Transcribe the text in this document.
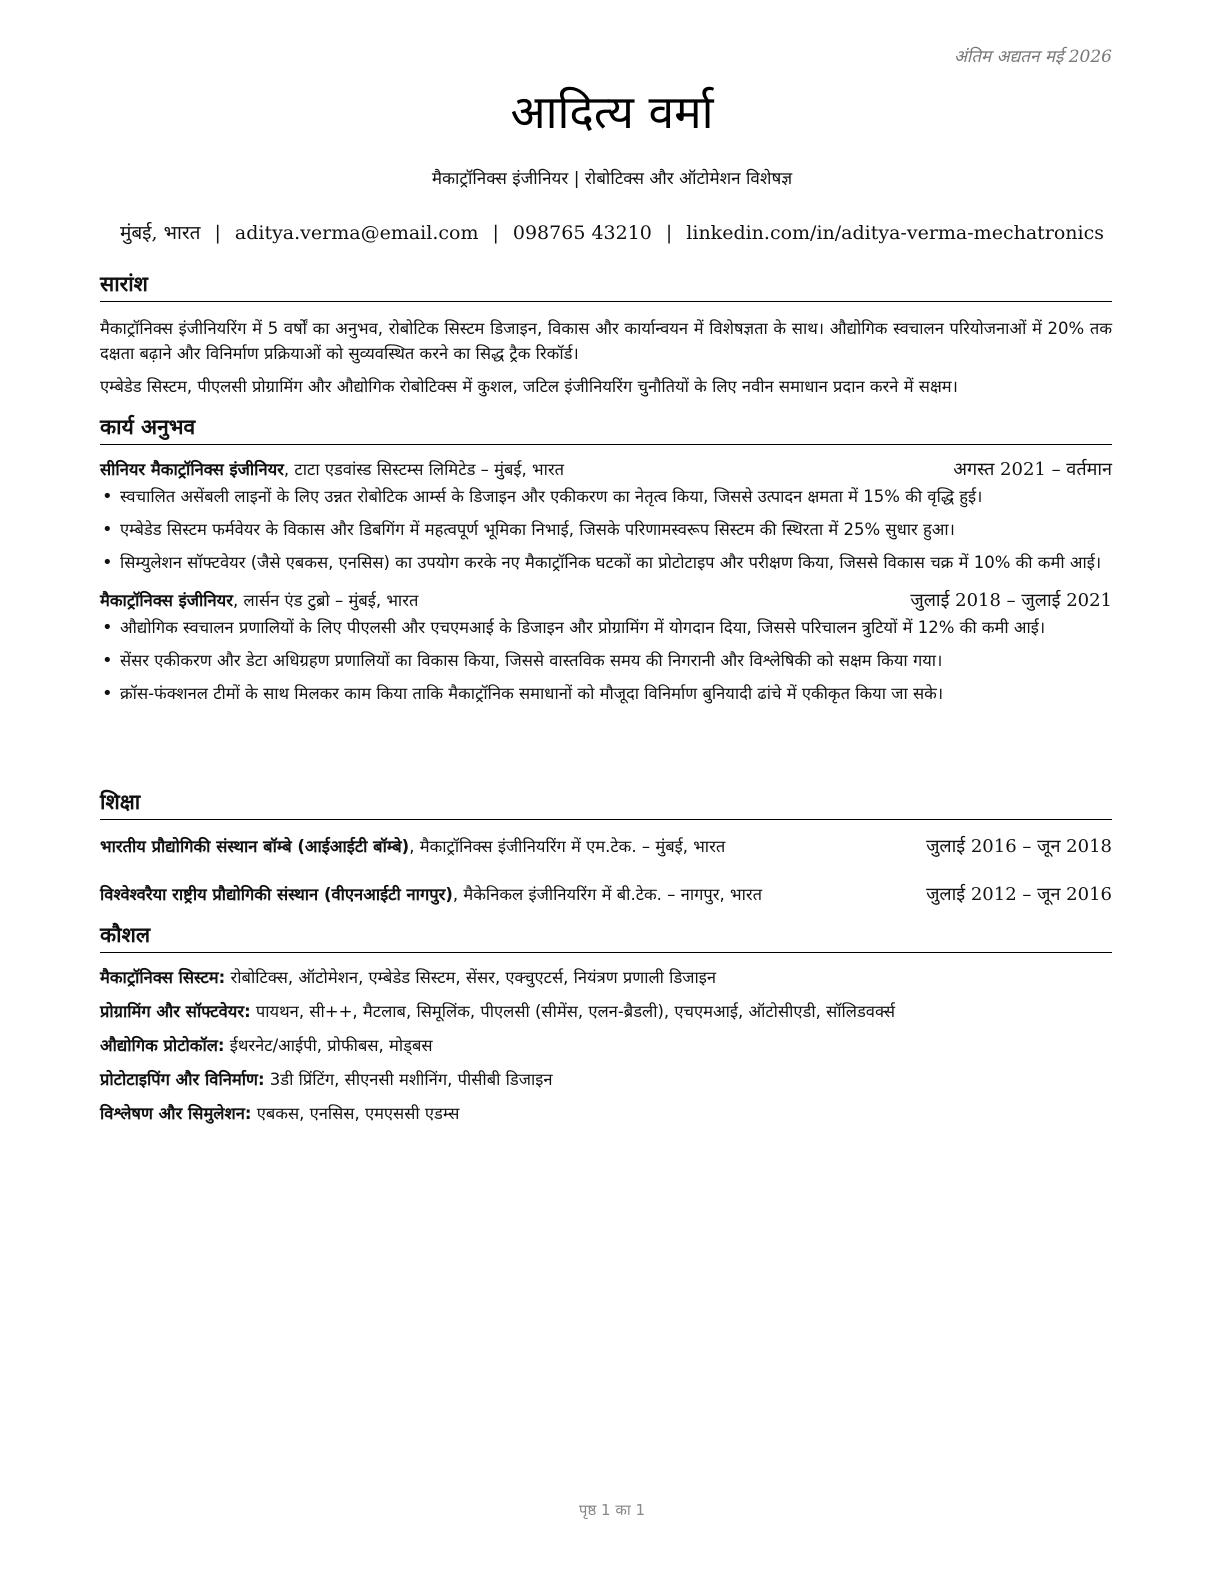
अंतिम अद्यतन मई 2026
आदित्य वर्मा
मैकाट्रॉनिक्स इंजीनियर | रोबोटिक्स और ऑटोमेशन विशेषज्ञ
मुंबई, भारत | aditya.verma@email.com | 098765 43210 | linkedin.com/in/aditya-verma-mechatronics
सारांश

मैकाट्रॉनिक्स इंजीनियरिंग में 5 वर्षों का अनुभव, रोबोटिक सिस्टम डिजाइन, विकास और कार्यान्वयन में विशेषज्ञता के साथ। औद्योगिक स्वचालन परियोजनाओं में 20% तक दक्षता बढ़ाने और विनिर्माण प्रक्रियाओं को सुव्यवस्थित करने का सिद्ध ट्रैक रिकॉर्ड।

एम्बेडेड सिस्टम, पीएलसी प्रोग्रामिंग और औद्योगिक रोबोटिक्स में कुशल, जटिल इंजीनियरिंग चुनौतियों के लिए नवीन समाधान प्रदान करने में सक्षम।

कार्य अनुभव
सीनियर मैकाट्रॉनिक्स इंजीनियर, टाटा एडवांस्ड सिस्टम्स लिमिटेड – मुंबई, भारत	अगस्त 2021 – वर्तमान
• स्वचालित असेंबली लाइनों के लिए उन्नत रोबोटिक आर्म्स के डिजाइन और एकीकरण का नेतृत्व किया, जिससे उत्पादन क्षमता में 15% की वृद्धि हुई।
• एम्बेडेड सिस्टम फर्मवेयर के विकास और डिबगिंग में महत्वपूर्ण भूमिका निभाई, जिसके परिणामस्वरूप सिस्टम की स्थिरता में 25% सुधार हुआ।
• सिम्युलेशन सॉफ्टवेयर (जैसे एबकस, एनसिस) का उपयोग करके नए मैकाट्रॉनिक घटकों का प्रोटोटाइप और परीक्षण किया, जिससे विकास चक्र में 10% की कमी आई।
मैकाट्रॉनिक्स इंजीनियर, लार्सन एंड टुब्रो – मुंबई, भारत	जुलाई 2018 – जुलाई 2021
• औद्योगिक स्वचालन प्रणालियों के लिए पीएलसी और एचएमआई के डिजाइन और प्रोग्रामिंग में योगदान दिया, जिससे परिचालन त्रुटियों में 12% की कमी आई।
• सेंसर एकीकरण और डेटा अधिग्रहण प्रणालियों का विकास किया, जिससे वास्तविक समय की निगरानी और विश्लेषिकी को सक्षम किया गया।
• क्रॉस-फंक्शनल टीमों के साथ मिलकर काम किया ताकि मैकाट्रॉनिक समाधानों को मौजूदा विनिर्माण बुनियादी ढांचे में एकीकृत किया जा सके।
शिक्षा
भारतीय प्रौद्योगिकी संस्थान बॉम्बे (आईआईटी बॉम्बे), मैकाट्रॉनिक्स इंजीनियरिंग में एम.टेक. – मुंबई, भारत	जुलाई 2016 – जून 2018
विश्वेश्वरैया राष्ट्रीय प्रौद्योगिकी संस्थान (वीएनआईटी नागपुर), मैकेनिकल इंजीनियरिंग में बी.टेक. – नागपुर, भारत	जुलाई 2012 – जून 2016
कौशल
मैकाट्रॉनिक्स सिस्टम: रोबोटिक्स, ऑटोमेशन, एम्बेडेड सिस्टम, सेंसर, एक्चुएटर्स, नियंत्रण प्रणाली डिजाइन
प्रोग्रामिंग और सॉफ्टवेयर: पायथन, सी++, मैटलाब, सिमूलिंक, पीएलसी (सीमेंस, एलन-ब्रैडली), एचएमआई, ऑटोसीएडी, सॉलिडवर्क्स
औद्योगिक प्रोटोकॉल: ईथरनेट/आईपी, प्रोफीबस, मोड्बस
प्रोटोटाइपिंग और विनिर्माण: 3डी प्रिंटिंग, सीएनसी मशीनिंग, पीसीबी डिजाइन
विश्लेषण और सिमुलेशन: एबकस, एनसिस, एमएससी एडम्स
पृष्ठ 1 का 1
